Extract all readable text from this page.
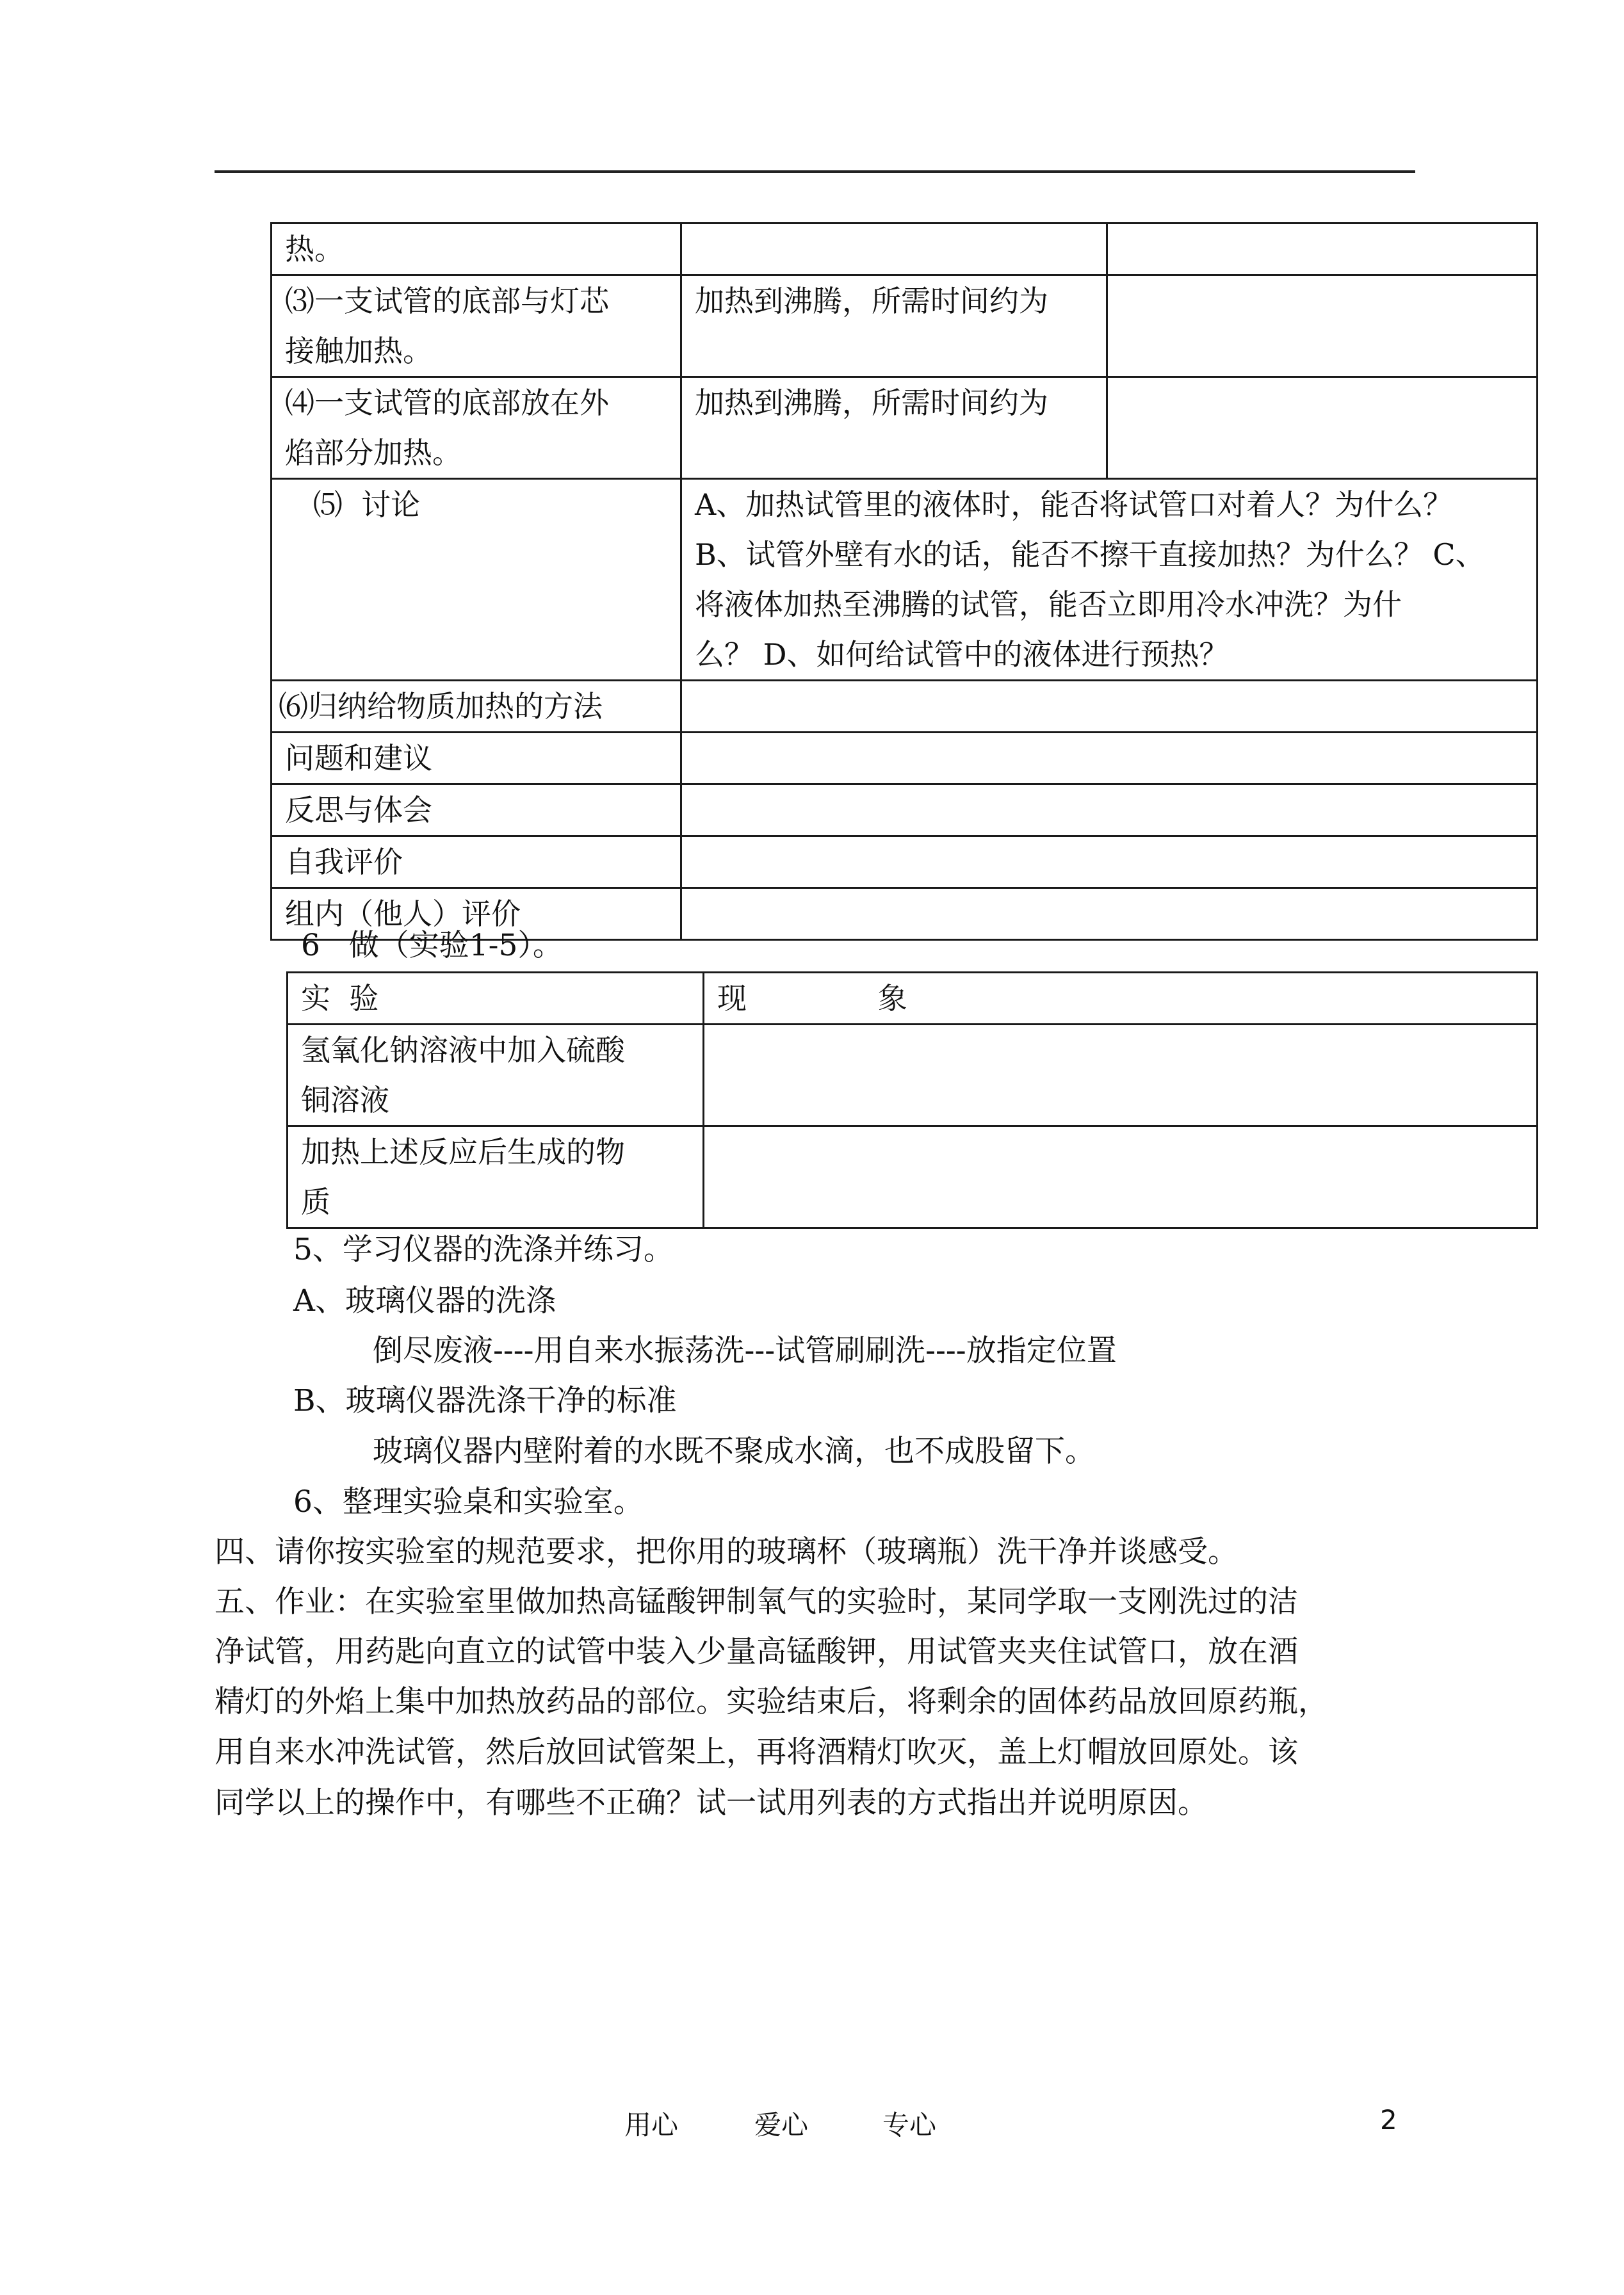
热。		

⑶一支试管的底部与灯芯
接触加热。	加热到沸腾，所需时间约为	

⑷一支试管的底部放在外
焰部分加热。	加热到沸腾，所需时间约为	

⑸  讨论	A、加热试管里的液体时，能否将试管口对着人？为什么？
B、试管外壁有水的话，能否不擦干直接加热？为什么？ C、
将液体加热至沸腾的试管，能否立即用冷水冲洗？为什
么？ D、如何给试管中的液体进行预热？	

⑹归纳给物质加热的方法		

问题和建议		

反思与体会		

自我评价		

组内（他人）评价		

6   做（实验1-5）。
实  验	现              象

氢氧化钠溶液中加入硫酸
铜溶液	

加热上述反应后生成的物
质	

5、学习仪器的洗涤并练习。
A、玻璃仪器的洗涤
倒尽废液----用自来水振荡洗---试管刷刷洗----放指定位置
B、玻璃仪器洗涤干净的标准
玻璃仪器内壁附着的水既不聚成水滴，也不成股留下。
6、整理实验桌和实验室。
四、请你按实验室的规范要求，把你用的玻璃杯（玻璃瓶）洗干净并谈感受。
五、作业：在实验室里做加热高锰酸钾制氧气的实验时，某同学取一支刚洗过的洁
净试管，用药匙向直立的试管中装入少量高锰酸钾，用试管夹夹住试管口，放在酒
精灯的外焰上集中加热放药品的部位。实验结束后，将剩余的固体药品放回原药瓶，
用自来水冲洗试管，然后放回试管架上，再将酒精灯吹灭，盖上灯帽放回原处。该
同学以上的操作中，有哪些不正确？试一试用列表的方式指出并说明原因。
用心	爱心	专心	2
